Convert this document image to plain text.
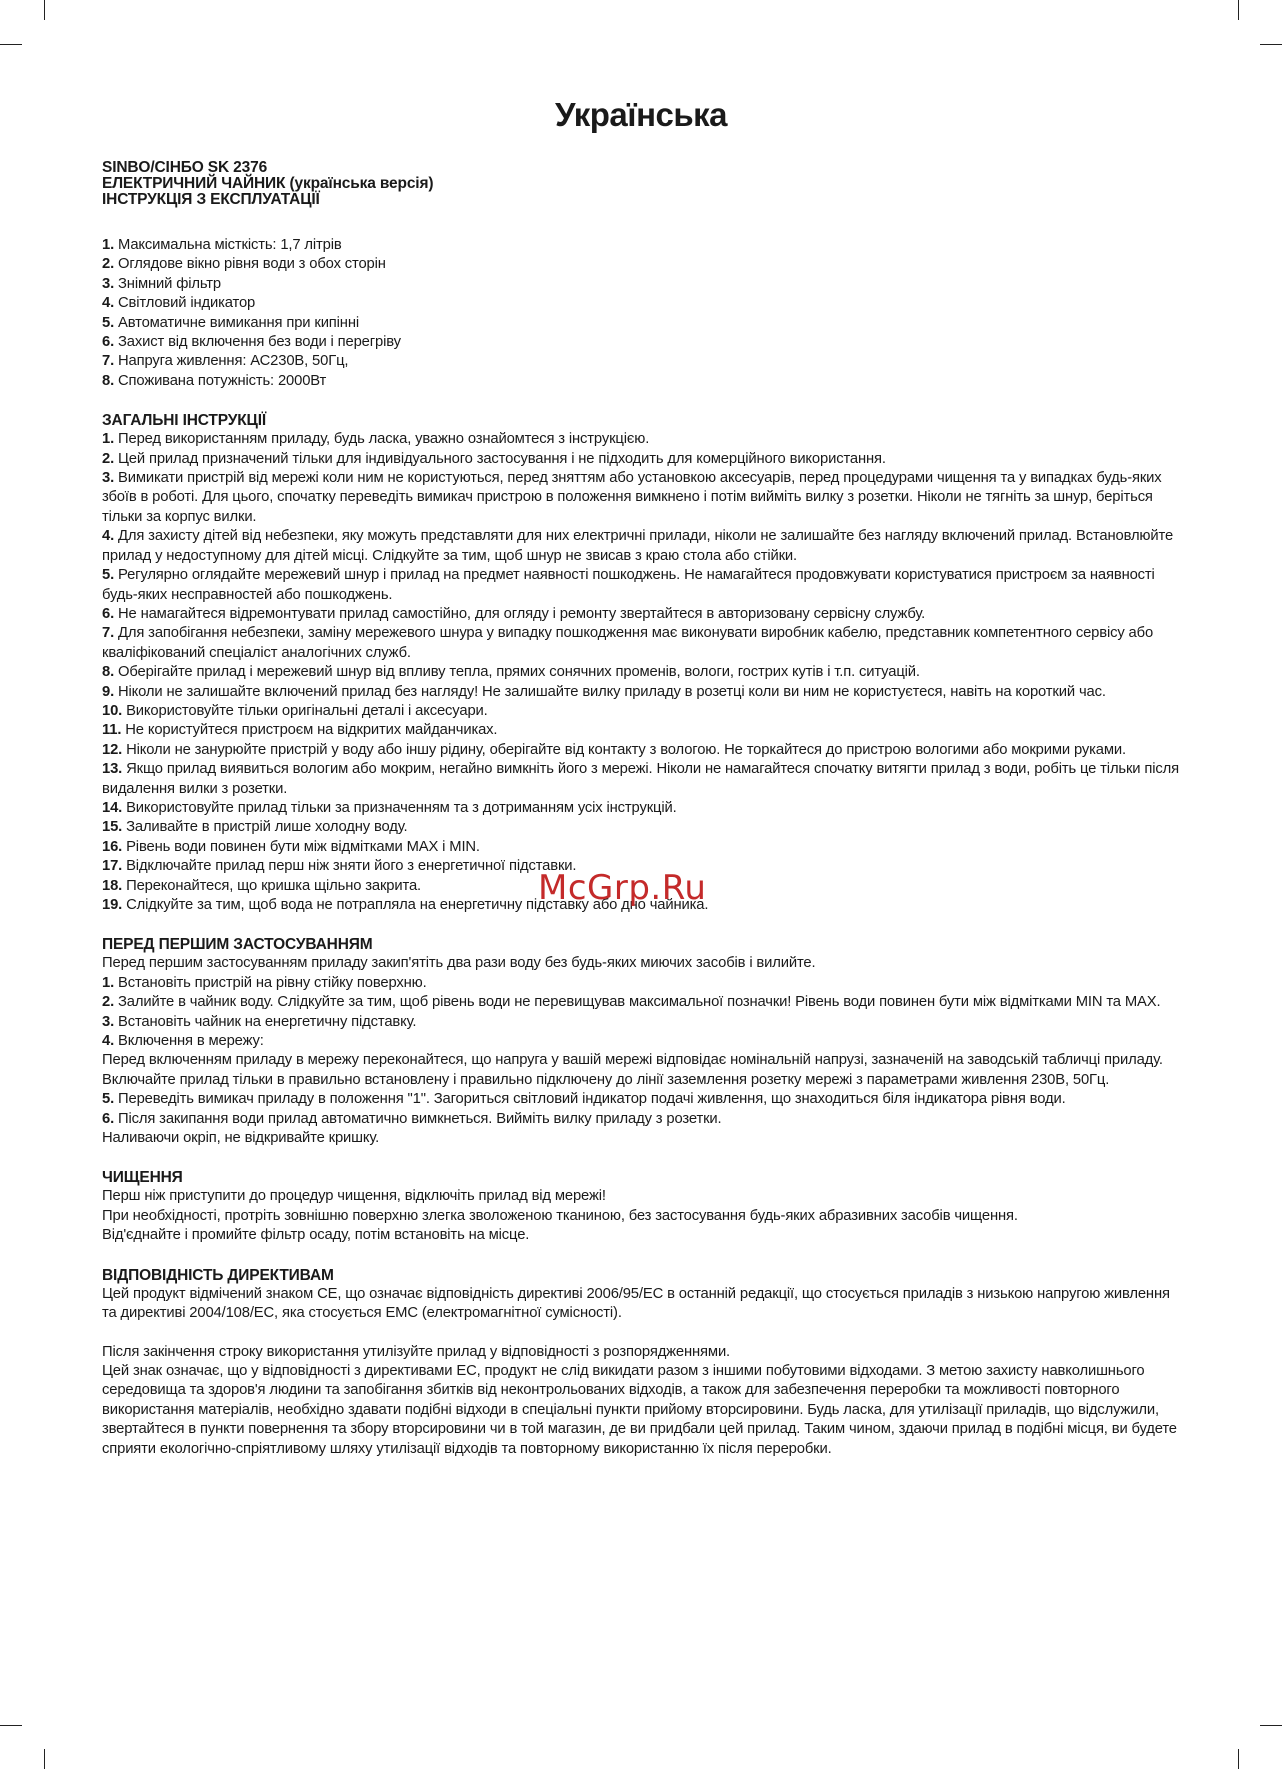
Українська
SINBO/СІНБО SK 2376
ЕЛЕКТРИЧНИЙ ЧАЙНИК (українська версія)
ІНСТРУКЦІЯ З ЕКСПЛУАТАЦІЇ
1. Максимальна місткість: 1,7 літрів
2. Оглядове вікно рівня води з обох сторін
3. Знімний фільтр
4. Світловий індикатор
5. Автоматичне вимикання при кипінні
6. Захист від включення без води і перегріву
7. Напруга живлення: АС230В, 50Гц,
8. Споживана потужність: 2000Вт
ЗАГАЛЬНІ ІНСТРУКЦІЇ
1. Перед використанням приладу, будь ласка, уважно ознайомтеся з інструкцією.
2. Цей прилад призначений тільки для індивідуального застосування і не підходить для комерційного використання.
3. Вимикати пристрій від мережі коли ним не користуються, перед зняттям або установкою аксесуарів, перед процедурами чищення та у випадках будь-яких збоїв в роботі. Для цього, спочатку переведіть вимикач пристрою в положення вимкнено і потім вийміть вилку з розетки. Ніколи не тягніть за шнур, беріться тільки за корпус вилки.
4. Для захисту дітей від небезпеки, яку можуть представляти для них електричні прилади, ніколи не залишайте без нагляду включений прилад. Встановлюйте прилад у недоступному для дітей місці. Слідкуйте за тим, щоб шнур не звисав з краю стола або стійки.
5. Регулярно оглядайте мережевий шнур і прилад на предмет наявності пошкоджень. Не намагайтеся продовжувати користуватися пристроєм за наявності будь-яких несправностей або пошкоджень.
6. Не намагайтеся відремонтувати прилад самостійно, для огляду і ремонту звертайтеся в авторизовану сервісну службу.
7. Для запобігання небезпеки, заміну мережевого шнура у випадку пошкодження має виконувати виробник кабелю, представник компетентного сервісу або кваліфікований спеціаліст аналогічних служб.
8. Оберігайте прилад і мережевий шнур від впливу тепла, прямих сонячних променів, вологи, гострих кутів і т.п. ситуацій.
9. Ніколи не залишайте включений прилад без нагляду! Не залишайте вилку приладу в розетці коли ви ним не користуєтеся, навіть на короткий час.
10. Використовуйте тільки оригінальні деталі і аксесуари.
11. Не користуйтеся пристроєм на відкритих майданчиках.
12. Ніколи не занурюйте пристрій у воду або іншу рідину, оберігайте від контакту з вологою. Не торкайтеся до пристрою вологими або мокрими руками.
13. Якщо прилад виявиться вологим або мокрим, негайно вимкніть його з мережі. Ніколи не намагайтеся спочатку витягти прилад з води, робіть це тільки після видалення вилки з розетки.
14. Використовуйте прилад тільки за призначенням та з дотриманням усіх інструкцій.
15. Заливайте в пристрій лише холодну воду.
16. Рівень води повинен бути між відмітками MAX і MIN.
17. Відключайте прилад перш ніж зняти його з енергетичної підставки.
18. Переконайтеся, що кришка щільно закрита.
19. Слідкуйте за тим, щоб вода не потрапляла на енергетичну підставку або дно чайника.
ПЕРЕД ПЕРШИМ ЗАСТОСУВАННЯМ
Перед першим застосуванням приладу закип'ятіть два рази воду без будь-яких миючих засобів і вилийте.
1. Встановіть пристрій на рівну стійку поверхню.
2. Залийте в чайник воду. Слідкуйте за тим, щоб рівень води не перевищував максимальної позначки! Рівень води повинен бути між відмітками MIN та MAX.
3. Встановіть чайник на енергетичну підставку.
4. Включення в мережу:
Перед включенням приладу в мережу переконайтеся, що напруга у вашій мережі відповідає номінальній напрузі, зазначеній на заводській табличці приладу.
Включайте прилад тільки в правильно встановлену і правильно підключену до лінії заземлення розетку мережі з параметрами живлення 230В, 50Гц.
5. Переведіть вимикач приладу в положення "1". Загориться світловий індикатор подачі живлення, що знаходиться біля індикатора рівня води.
6. Після закипання води прилад автоматично вимкнеться. Вийміть вилку приладу з розетки.
Наливаючи окріп, не відкривайте кришку.
ЧИЩЕННЯ
Перш ніж приступити до процедур чищення, відключіть прилад від мережі!
При необхідності, протріть зовнішню поверхню злегка зволоженою тканиною, без застосування будь-яких абразивних засобів чищення.
Від'єднайте і промийте фільтр осаду, потім встановіть на місце.
ВІДПОВІДНІСТЬ ДИРЕКТИВАМ
Цей продукт відмічений знаком СЕ, що означає відповідність директиві 2006/95/ЕС в останній редакції, що стосується приладів з низькою напругою живлення та директиві 2004/108/ЕС, яка стосується ЕМС (електромагнітної сумісності).
Після закінчення строку використання утилізуйте прилад у відповідності з розпорядженнями.
Цей знак означає, що у відповідності з директивами ЕС, продукт не слід викидати разом з іншими побутовими відходами. З метою захисту навколишнього середовища та здоров'я людини та запобігання збитків від неконтрольованих відходів, а також для забезпечення переробки та можливості повторного використання матеріалів, необхідно здавати подібні відходи в спеціальні пункти прийому вторсировини. Будь ласка, для утилізації приладів, що відслужили, звертайтеся в пункти повернення та збору вторсировини чи в той магазин, де ви придбали цей прилад. Таким чином, здаючи прилад в подібні місця, ви будете сприяти екологічно-спріятливому шляху утилізації відходів та повторному використанню їх після переробки.
McGrp.Ru
